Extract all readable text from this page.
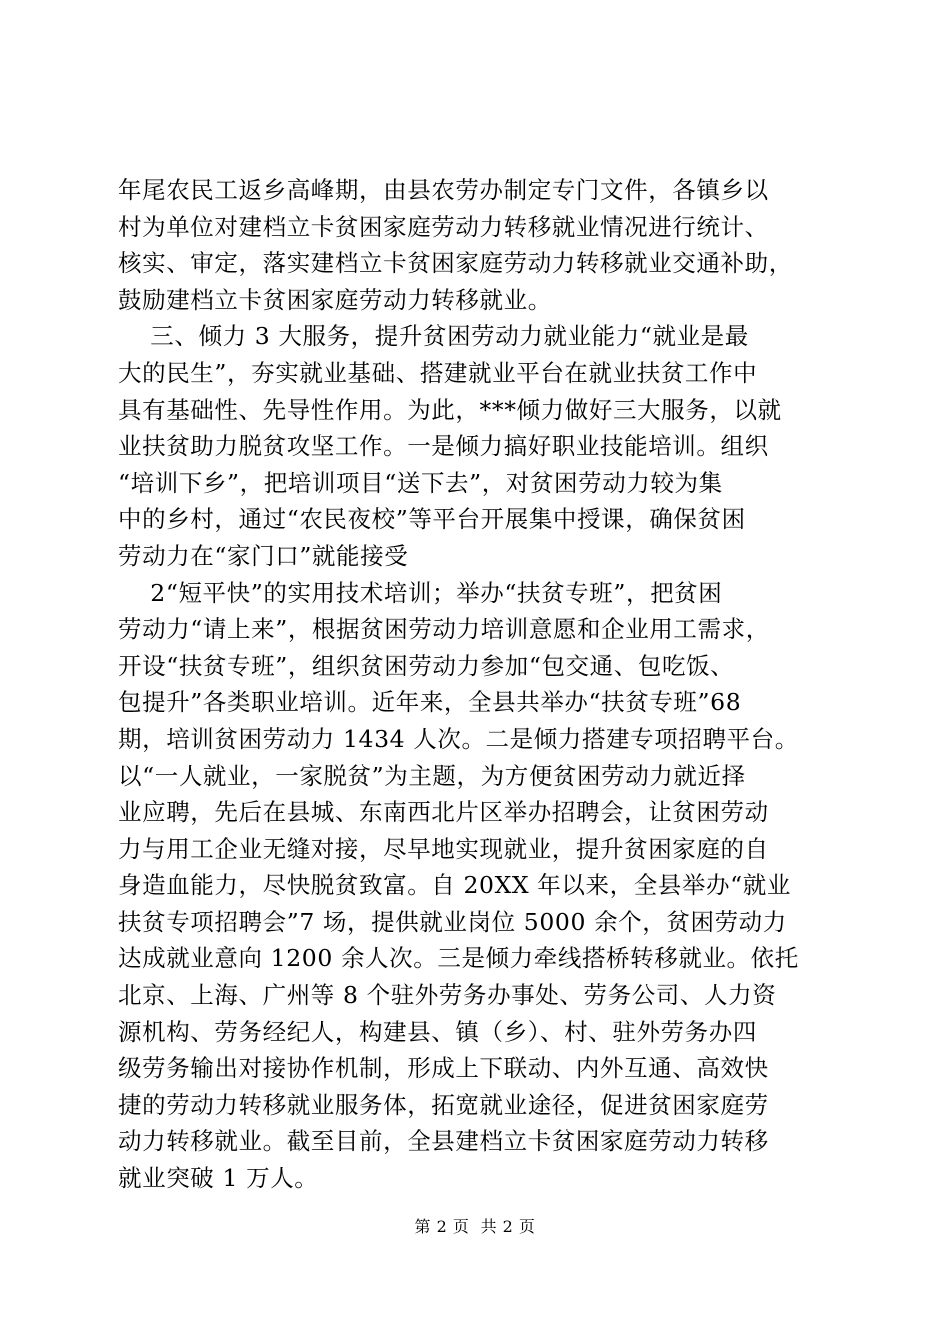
年尾农民工返乡高峰期，由县农劳办制定专门文件，各镇乡以
村为单位对建档立卡贫困家庭劳动力转移就业情况进行统计、
核实、审定，落实建档立卡贫困家庭劳动力转移就业交通补助，
鼓励建档立卡贫困家庭劳动力转移就业。
三、倾力 3 大服务，提升贫困劳动力就业能力“就业是最
大的民生”，夯实就业基础、搭建就业平台在就业扶贫工作中
具有基础性、先导性作用。为此，***倾力做好三大服务，以就
业扶贫助力脱贫攻坚工作。一是倾力搞好职业技能培训。组织
“培训下乡”，把培训项目“送下去”，对贫困劳动力较为集
中的乡村，通过“农民夜校”等平台开展集中授课，确保贫困
劳动力在“家门口”就能接受
2“短平快”的实用技术培训；举办“扶贫专班”，把贫困
劳动力“请上来”，根据贫困劳动力培训意愿和企业用工需求，
开设“扶贫专班”，组织贫困劳动力参加“包交通、包吃饭、
包提升”各类职业培训。近年来，全县共举办“扶贫专班”68
期，培训贫困劳动力 1434 人次。二是倾力搭建专项招聘平台。
以“一人就业，一家脱贫”为主题，为方便贫困劳动力就近择
业应聘，先后在县城、东南西北片区举办招聘会，让贫困劳动
力与用工企业无缝对接，尽早地实现就业，提升贫困家庭的自
身造血能力，尽快脱贫致富。自 20XX 年以来，全县举办“就业
扶贫专项招聘会”7 场，提供就业岗位 5000 余个，贫困劳动力
达成就业意向 1200 余人次。三是倾力牵线搭桥转移就业。依托
北京、上海、广州等 8 个驻外劳务办事处、劳务公司、人力资
源机构、劳务经纪人，构建县、镇（乡）、村、驻外劳务办四
级劳务输出对接协作机制，形成上下联动、内外互通、高效快
捷的劳动力转移就业服务体，拓宽就业途径，促进贫困家庭劳
动力转移就业。截至目前，全县建档立卡贫困家庭劳动力转移
就业突破 1 万人。
第 2 页  共 2 页
